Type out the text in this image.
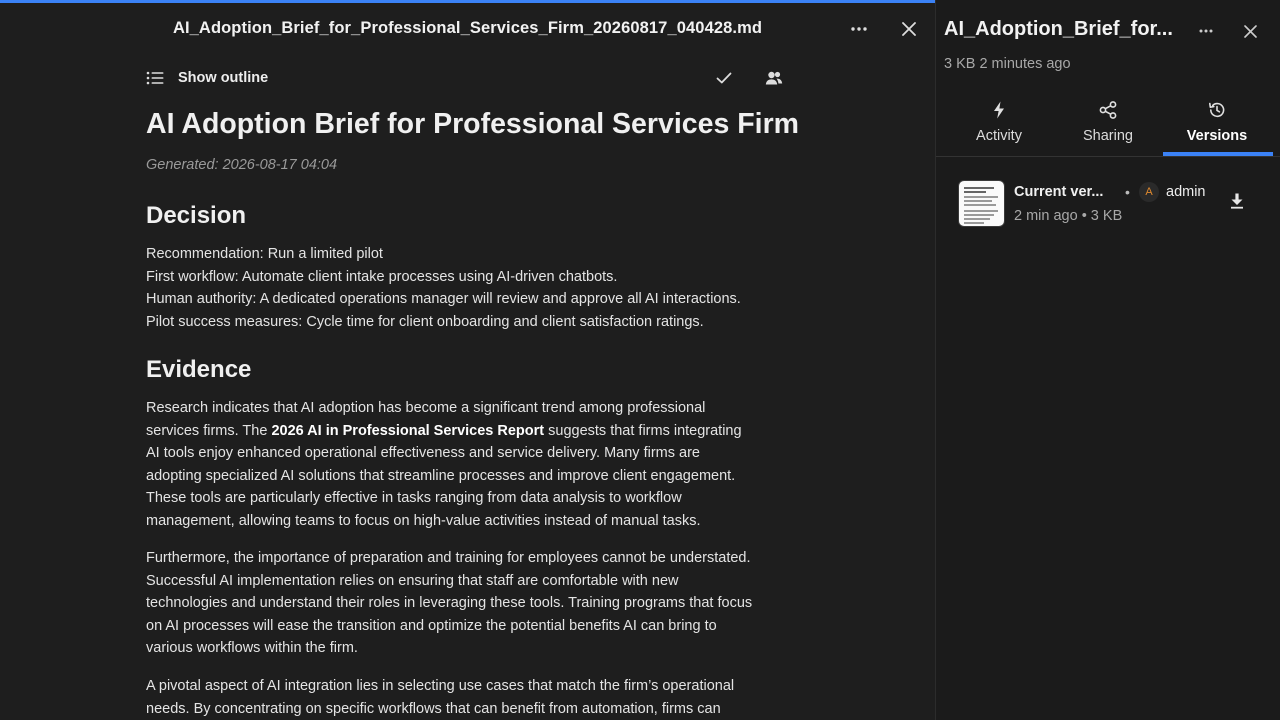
AI_Adoption_Brief_for_Professional_Services_Firm_20260817_040428.md
Show outline
AI Adoption Brief for Professional Services Firm
Generated: 2026-08-17 04:04
Decision
Recommendation: Run a limited pilot
First workflow: Automate client intake processes using AI-driven chatbots.
Human authority: A dedicated operations manager will review and approve all AI interactions.
Pilot success measures: Cycle time for client onboarding and client satisfaction ratings.
Evidence
Research indicates that AI adoption has become a significant trend among professional
services firms. The 2026 AI in Professional Services Report suggests that firms integrating
AI tools enjoy enhanced operational effectiveness and service delivery. Many firms are
adopting specialized AI solutions that streamline processes and improve client engagement.
These tools are particularly effective in tasks ranging from data analysis to workflow
management, allowing teams to focus on high-value activities instead of manual tasks.
Furthermore, the importance of preparation and training for employees cannot be understated.
Successful AI implementation relies on ensuring that staff are comfortable with new
technologies and understand their roles in leveraging these tools. Training programs that focus
on AI processes will ease the transition and optimize the potential benefits AI can bring to
various workflows within the firm.
A pivotal aspect of AI integration lies in selecting use cases that match the firm’s operational
needs. By concentrating on specific workflows that can benefit from automation, firms can
AI_Adoption_Brief_for...
3 KB 2 minutes ago
Activity	Sharing	Versions
Current ver... •	A admin
2 min ago • 3 KB
